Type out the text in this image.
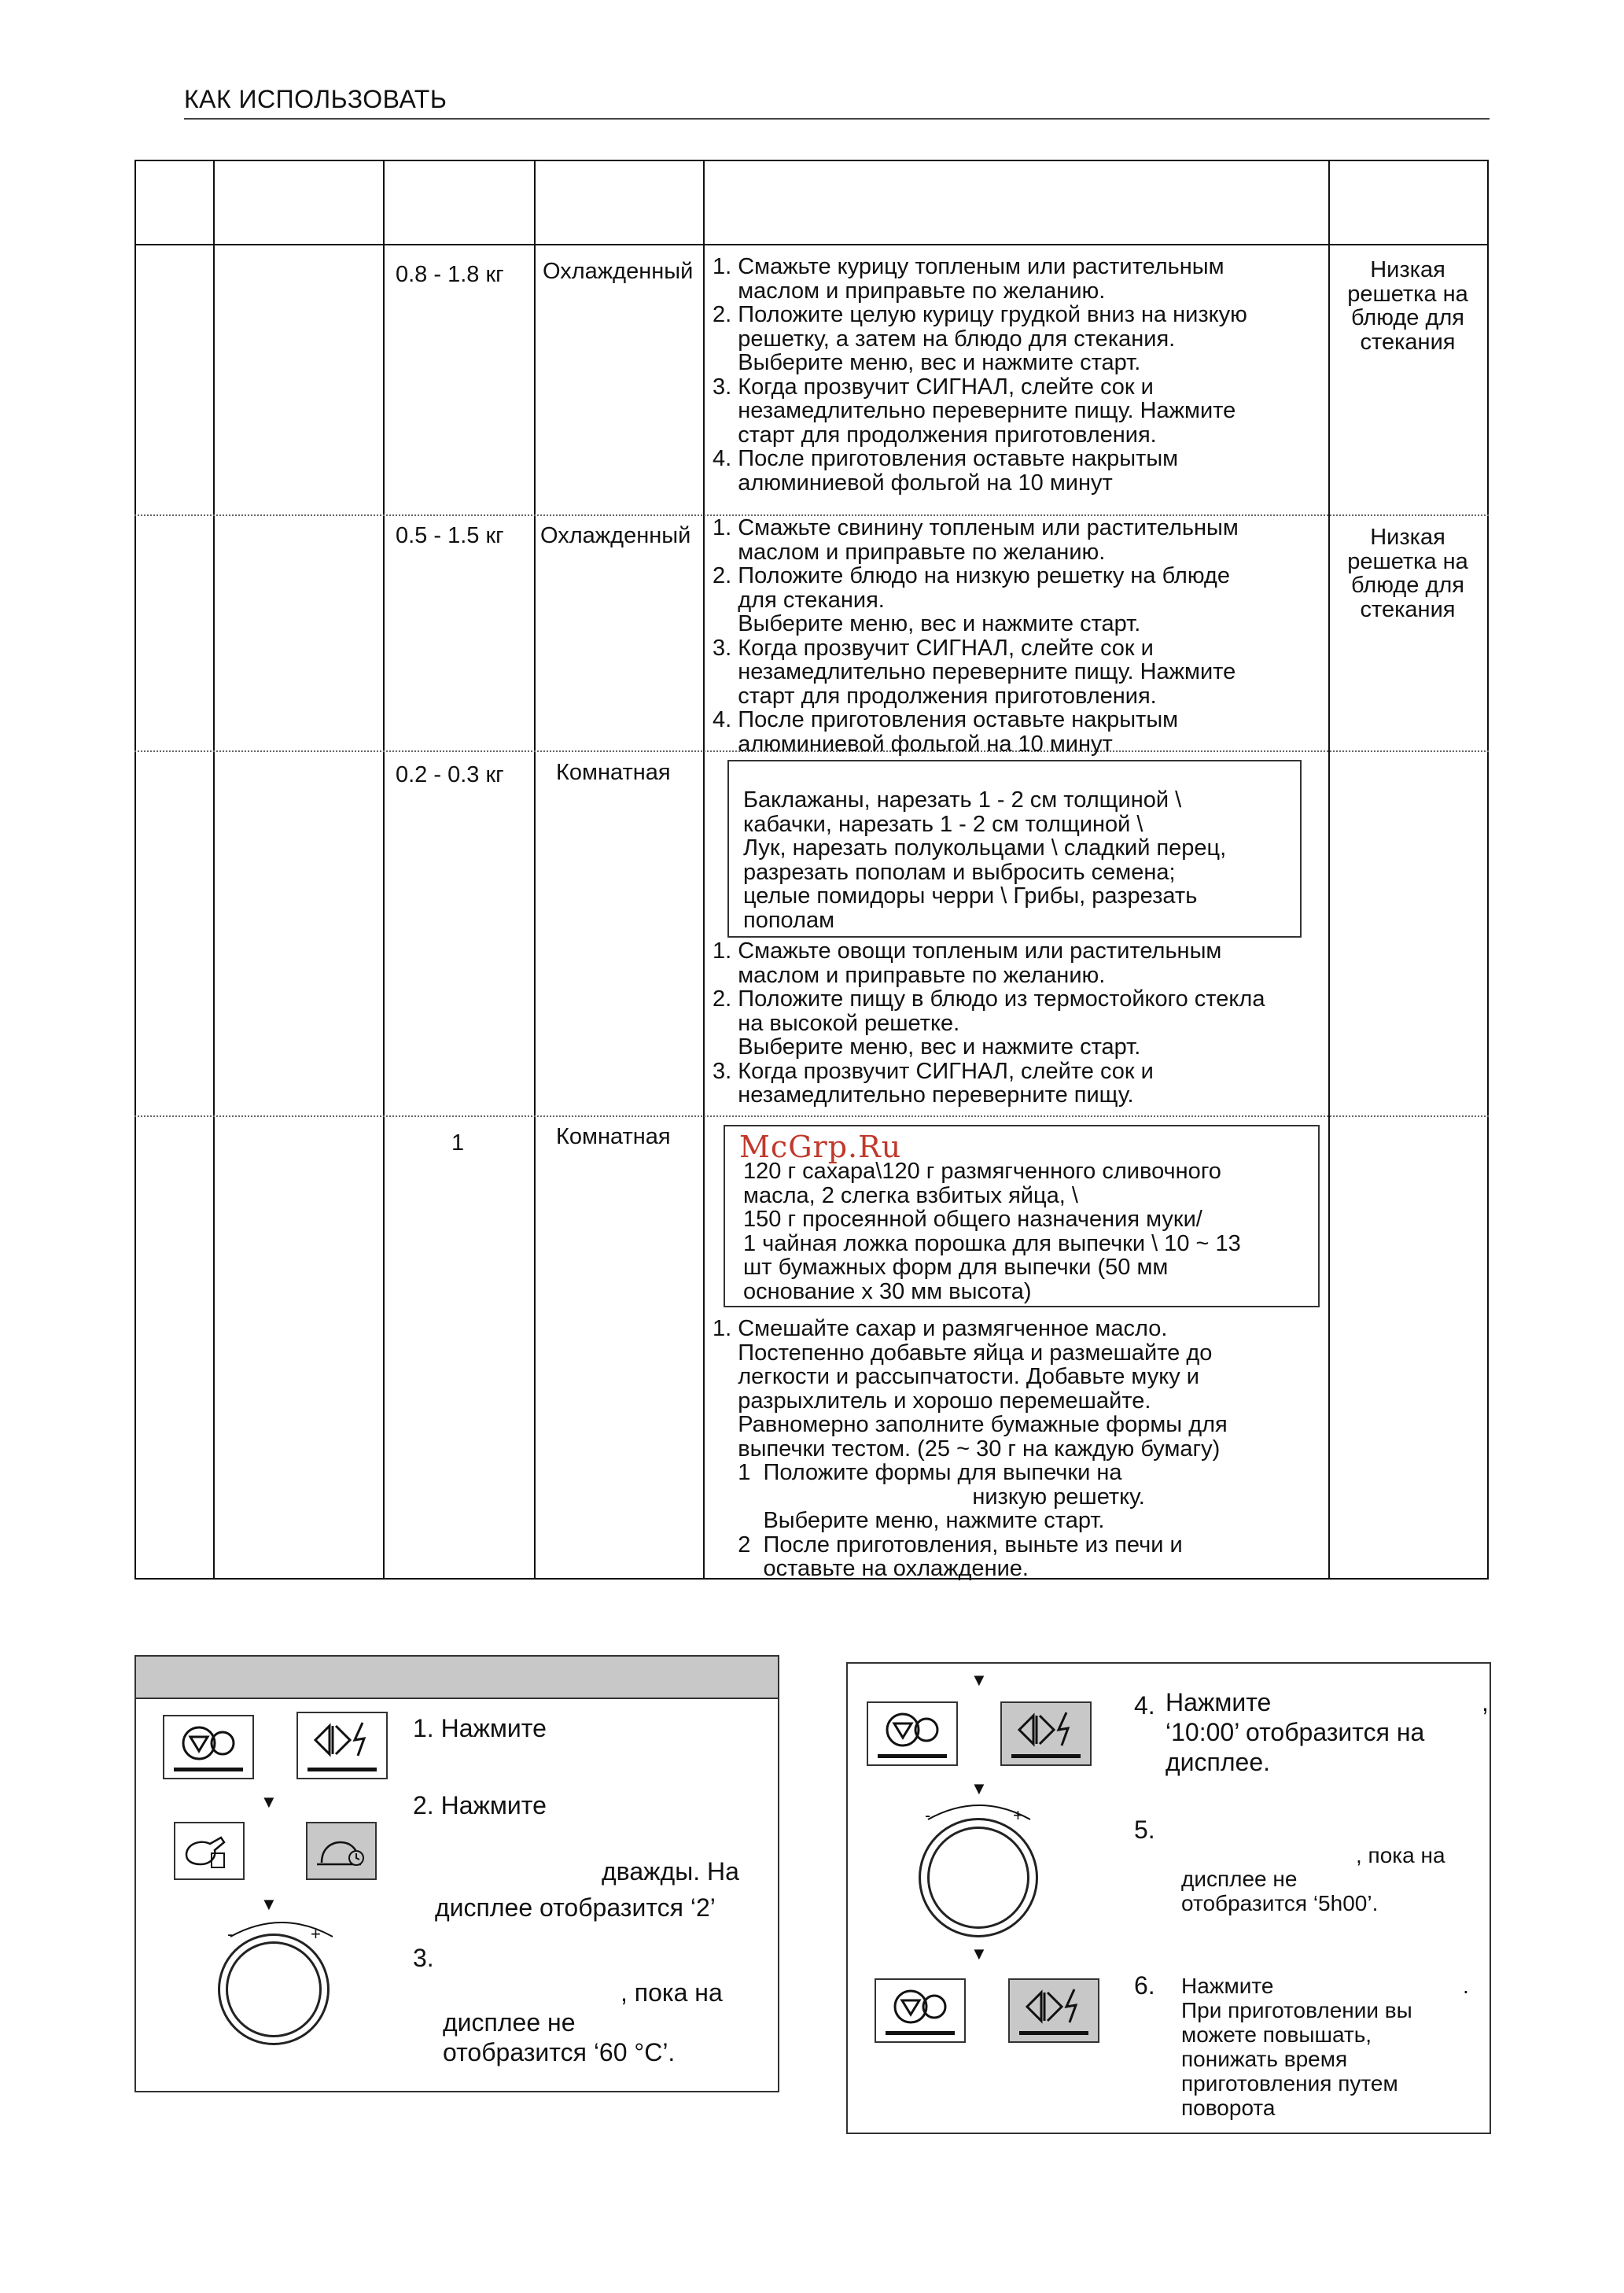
КАК ИСПОЛЬЗОВАТЬ
0.8 - 1.8 кг Охлажденный 1. Смажьте курицу топленым или растительным
маслом и приправьте по желанию.
2. Положите целую курицу грудкой вниз на низкую
решетку, а затем на блюдо для стекания.
Выберите меню, вес и нажмите старт.
3. Когда прозвучит СИГНАЛ, слейте сок и
незамедлительно переверните пищу. Нажмите
старт для продолжения приготовления.
4. После приготовления оставьте накрытым
алюминиевой фольгой на 10 минут
Низкая
решетка на
блюде для
стекания
0.5 - 1.5 кг Охлажденный 1. Смажьте свинину топленым или растительным
маслом и приправьте по желанию.
2. Положите блюдо на низкую решетку на блюде
для стекания.
Выберите меню, вес и нажмите старт.
3. Когда прозвучит СИГНАЛ, слейте сок и
незамедлительно переверните пищу. Нажмите
старт для продолжения приготовления.
4. После приготовления оставьте накрытым
алюминиевой фольгой на 10 минут
Низкая
решетка на
блюде для
стекания
0.2 - 0.3 кг Комнатная
Баклажаны, нарезать 1 - 2 см толщиной \
кабачки, нарезать 1 - 2 см толщиной \
Лук, нарезать полукольцами \ сладкий перец,
разрезать пополам и выбросить семена;
целые помидоры черри \ Грибы, разрезать
пополам
1. Смажьте овощи топленым или растительным
маслом и приправьте по желанию.
2. Положите пищу в блюдо из термостойкого стекла
на высокой решетке.
Выберите меню, вес и нажмите старт.
3. Когда прозвучит СИГНАЛ, слейте сок и
незамедлительно переверните пищу.
1	Комнатная McGrp.Ru
120 г сахара\120 г размягченного сливочного
масла, 2 слегка взбитых яйца, \
150 г просеянной общего назначения муки/
1 чайная ложка порошка для выпечки \ 10 ~ 13
шт бумажных форм для выпечки (50 мм
основание х 30 мм высота)
1. Смешайте сахар и размягченное масло.
Постепенно добавьте яйца и размешайте до
легкости и рассыпчатости. Добавьте муку и
разрыхлитель и хорошо перемешайте.
Равномерно заполните бумажные формы для
выпечки тестом. (25 ~ 30 г на каждую бумагу)
1  Положите формы для выпечки на
низкую решетку.
Выберите меню, нажмите старт.
2  После приготовления, выньте из печи и
оставьте на охлаждение.
1. Нажмите
▼	2. Нажмите
дважды. На
дисплее отобразится ‘2’
▼
-	+
3.
, пока на
дисплее не
отобразится ‘60 °C’.
▼
▼
-	+
▼
4. Нажмите	,
‘10:00’ отобразится на
дисплее.
5.
, пока на
дисплее не
отобразится ‘5h00’.
6. Нажмите	.
При приготовлении вы
можете повышать,
понижать время
приготовления путем
поворота
